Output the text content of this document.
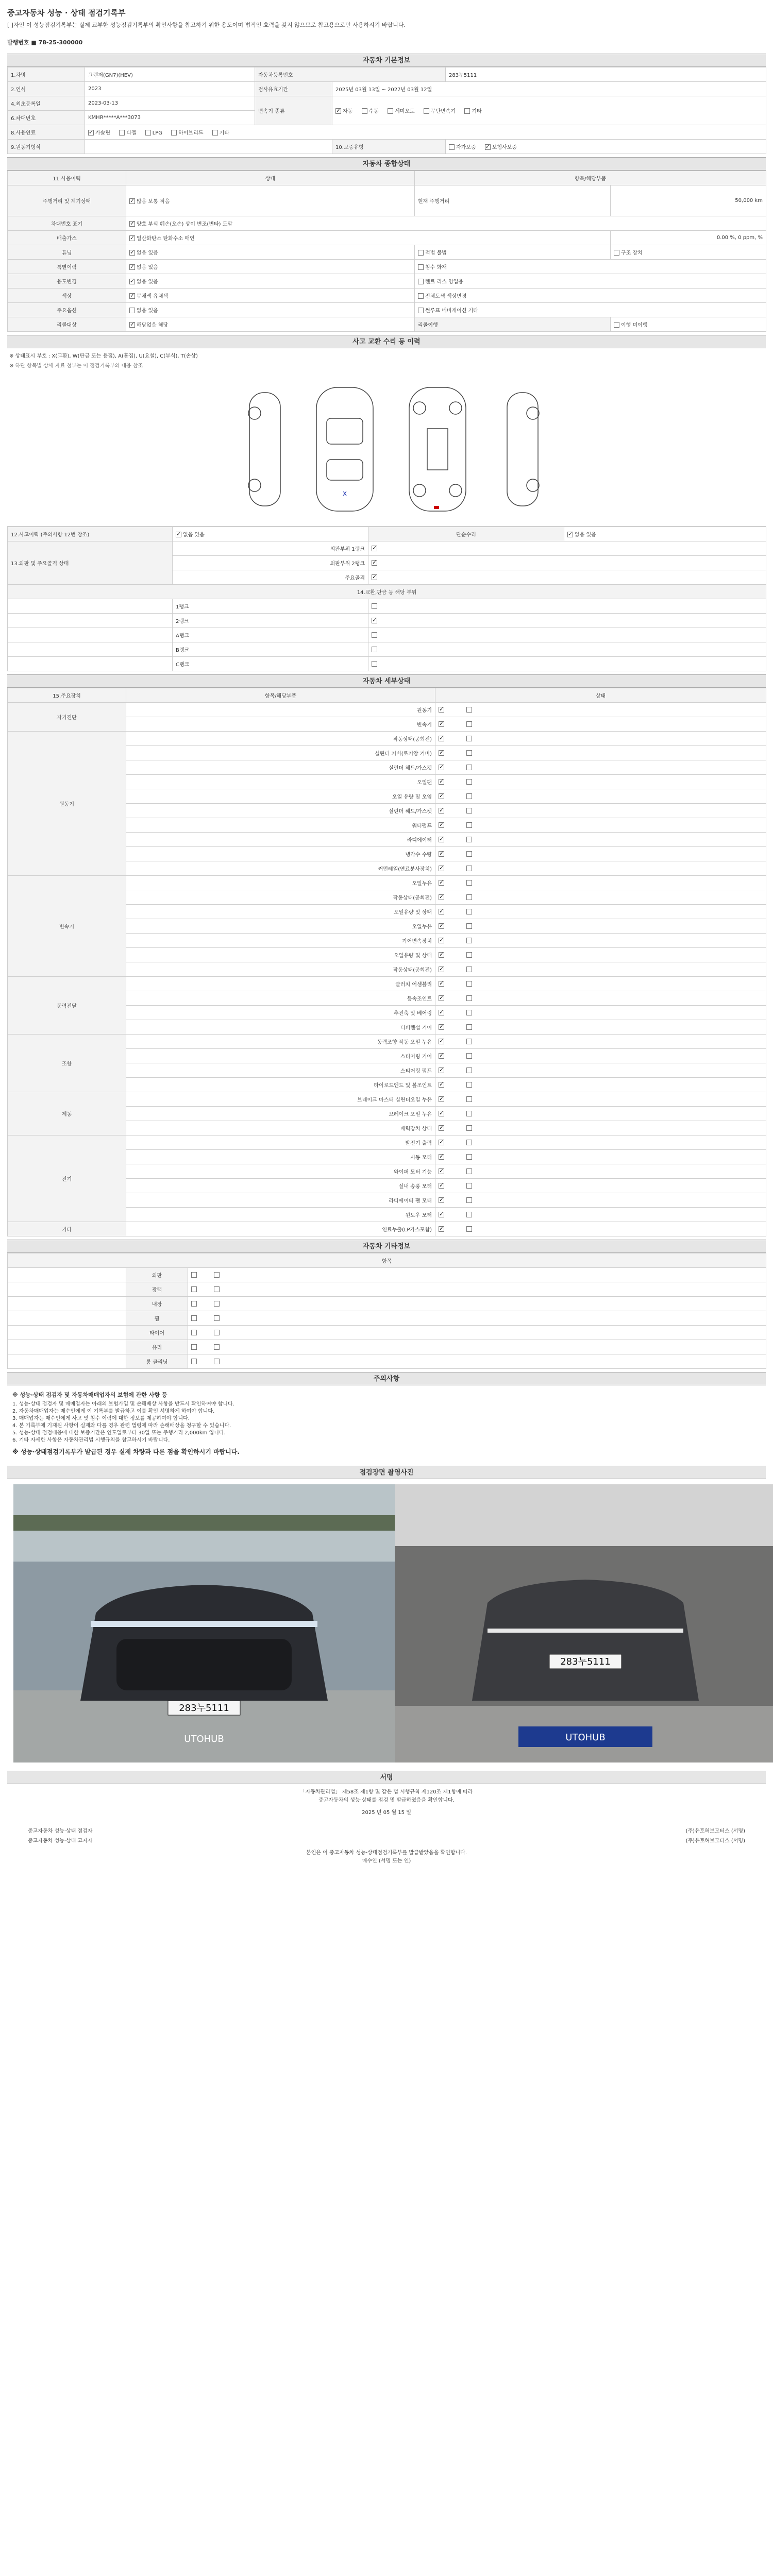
중고자동차 성능 · 상태 점검기록부
[ ]자인 이 성능점검기록부는 실제 교부한 성능점검기록부의 확인사항을 참고하기 위한 용도이며 법적인 효력을 갖지 않으므로 참고용으로만 사용하시기 바랍니다.
발행번호 ■ 78-25-300000
자동차 기본정보
1.차명	그랜저(GN7)(HEV)	자동차등록번호		283누5111
2.연식	2023	검사유효기간	2025년 03월 13일 ~ 2027년 03월 12일	
4.최초등록일	2023-03-13	변속기 종류	✓자동 수동 세미오토 무단변속기 기타
6.차대번호	KMHR*****A***3073			
8.사용연료	✓가솔린 디젤 LPG 하이브리드 기타
9.원동기형식			10.보증유형	자가보증 ✓ 보험사보증
자동차 종합상태
11.사용이력	상태	항목/해당부품	
주행거리 및 계기상태	✓많음 보통 적음	현재 주행거리	50,000 km
차대번호 표기	✓양호 부식 훼손(오손) 상이 변조(변타) 도말
배출가스	✓일산화탄소 탄화수소 매연		0.00 %, 0 ppm, %
튜닝	✓없음 있음	적법 불법	구조 장치
특별이력	✓없음 있음	침수 화재	
용도변경	✓없음 있음	렌트 리스 영업용	
색상	✓무채색 유채색	전체도색 색상변경	
주요옵션	없음 있음	썬루프 네비게이션 기타	
리콜대상	✓해당없음 해당	리콜이행	이행 미이행
사고 교환 수리 등 이력
※ 상태표시 부호 : X(교환), W(판금 또는 용접), A(흠집), U(요철), C(부식), T(손상)
※ 하단 항목별 상세 자료 첨부는 이 점검기록부의 내용 참조
x
12.사고이력 (주의사항 12번 참조)	✓없음 있음	단순수리	✓없음 있음
13.외판 및 주요골격 상태	외판부위 1랭크	✓
	외판부위 2랭크	✓
	주요골격	✓
14.교환,판금 등 해당 부위			
	1랭크		
	2랭크	✓
	A랭크		
	B랭크		
	C랭크		
자동차 세부상태
15.주요장치	항목/해당부품	상태
자기진단	원동기	✓
	변속기	✓
원동기	작동상태(공회전)	✓
	실린더 커버(로커암 커버)	✓
	실린더 헤드/가스켓	✓
	오일팬	✓
	오일 유량 및 오염	✓
	실린더 헤드/가스켓	✓
	워터펌프	✓
	라디에이터	✓
	냉각수 수량	✓
	커먼레일(연료분사장치)	✓
변속기	오일누유	✓
	작동상태(공회전)	✓
	오일유량 및 상태	✓
	오일누유	✓
	기어변속장치	✓
	오일유량 및 상태	✓
	작동상태(공회전)	✓
동력전달	클러치 어셈블리	✓
	등속조인트	✓
	추진축 및 베어링	✓
	디퍼렌셜 기어	✓
조향	동력조향 작동 오일 누유	✓
	스티어링 기어	✓
	스티어링 펌프	✓
	타이로드엔드 및 볼조인트	✓
제동	브레이크 마스터 실린더오일 누유	✓
	브레이크 오일 누유	✓
	배력장치 상태	✓
전기	발전기 출력	✓
	시동 모터	✓
	와이퍼 모터 기능	✓
	실내 송풍 모터	✓
	라디에이터 팬 모터	✓
	윈도우 모터	✓
기타	연료누출(LP가스포함)	✓
자동차 기타정보
항목		
	외판	
	광택	
	내장	
	휠	
	타이어	
	유리	
	룸 클리닝	
주의사항
※ 성능·상태 점검자 및 자동차매매업자의 보험에 관한 사항 등
1. 성능·상태 점검자 및 매매업자는 아래의 보험가입 및 손해배상 사항을 반드시 확인하여야 합니다.
2. 자동차매매업자는 매수인에게 이 기록부를 발급하고 이를 확인 서명하게 하여야 합니다.
3. 매매업자는 매수인에게 사고 및 침수 이력에 대한 정보를 제공하여야 합니다.
4. 본 기록부에 기재된 사항이 실제와 다를 경우 관련 법령에 따라 손해배상을 청구할 수 있습니다.
5. 성능·상태 점검내용에 대한 보증기간은 인도일로부터 30일 또는 주행거리 2,000km 입니다.
6. 기타 자세한 사항은 자동차관리법 시행규칙을 참고하시기 바랍니다.
※ 성능·상태점검기록부가 발급된 경우 실제 차량과 다른 점을 확인하시기 바랍니다.
점검장면 촬영사진
283누5111
UTOHUB
283누5111
UTOHUB
서명
「자동차관리법」 제58조 제1항 및 같은 법 시행규칙 제120조 제1항에 따라
중고자동차의 성능·상태를 점검 및 발급하였음을 확인합니다.
2025 년 05 월 15 일
중고자동차 성능·상태 점검자	(주)유토허브모터스 (서명)
중고자동차 성능·상태 고지자	(주)유토허브모터스 (서명)
본인은 이 중고자동차 성능·상태점검기록부를 발급받았음을 확인합니다.
매수인 (서명 또는 인)
